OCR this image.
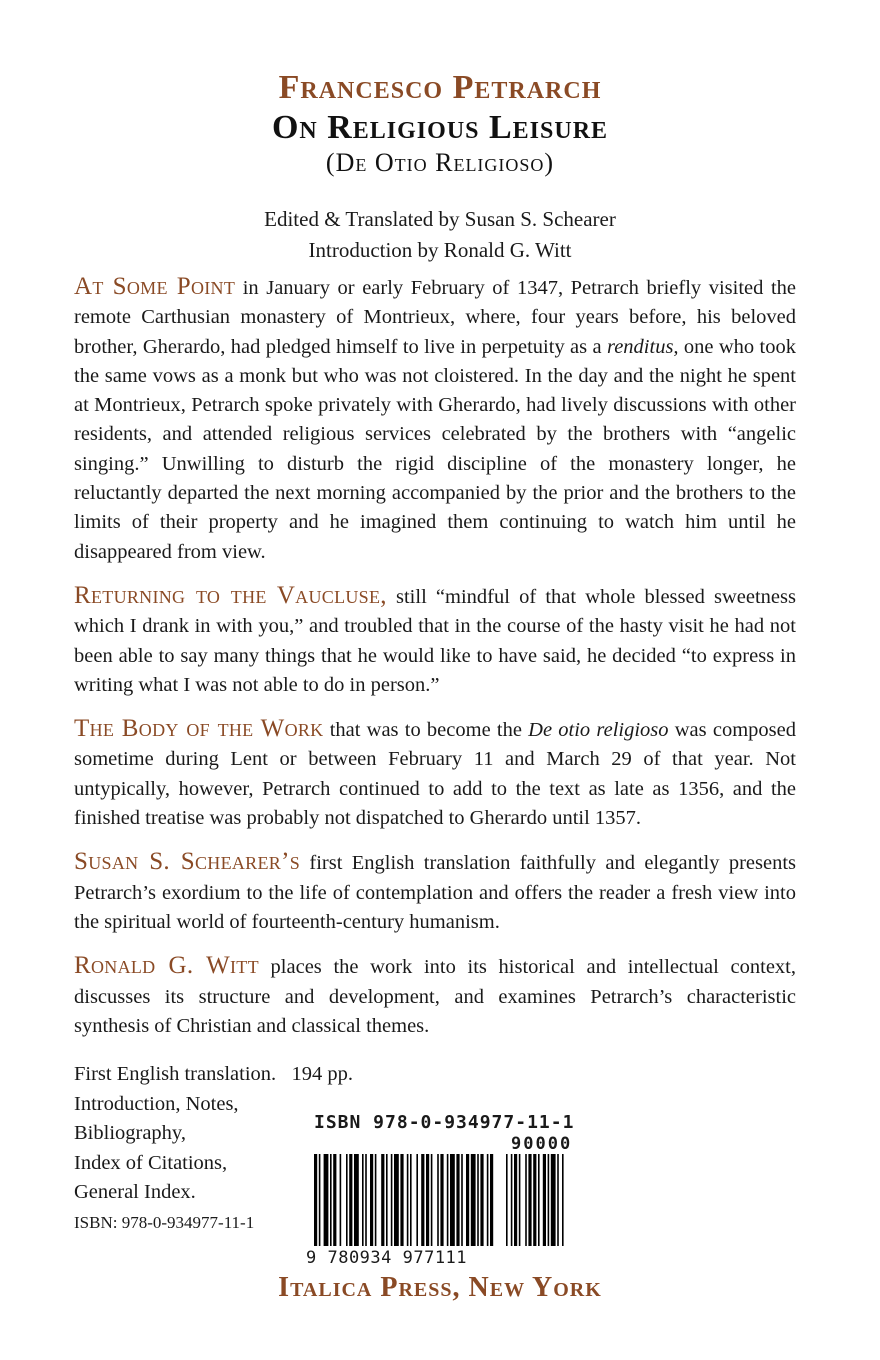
Francesco Petrarch
On Religious Leisure
(De Otio Religioso)
Edited & Translated by Susan S. Schearer
Introduction by Ronald G. Witt

At Some Point in January or early February of 1347, Petrarch briefly visited the remote Carthusian monastery of Montrieux, where, four years before, his beloved brother, Gherardo, had pledged himself to live in perpetuity as a renditus, one who took the same vows as a monk but who was not cloistered. In the day and the night he spent at Montrieux, Petrarch spoke privately with Gherardo, had lively discussions with other residents, and attended religious services celebrated by the brothers with “angelic singing.” Unwilling to disturb the rigid discipline of the monastery longer, he reluctantly departed the next morning accompanied by the prior and the brothers to the limits of their property and he imagined them continuing to watch him until he disappeared from view.

Returning to the Vaucluse, still “mindful of that whole blessed sweetness which I drank in with you,” and troubled that in the course of the hasty visit he had not been able to say many things that he would like to have said, he decided “to express in writing what I was not able to do in person.”

The Body of the Work that was to become the De otio religioso was composed sometime during Lent or between February 11 and March 29 of that year. Not untypically, however, Petrarch continued to add to the text as late as 1356, and the finished treatise was probably not dispatched to Gherardo until 1357.

Susan S. Schearer’s first English translation faithfully and elegantly presents Petrarch’s exordium to the life of contemplation and offers the reader a fresh view into the spiritual world of fourteenth-century humanism.

Ronald G. Witt places the work into its historical and intellectual context, discusses its structure and development, and examines Petrarch’s characteristic synthesis of Christian and classical themes.

First English translation.   194 pp.
Introduction, Notes,
Bibliography,
Index of Citations,
General Index.
ISBN: 978-0-934977-11-1
ISBN 978-0-934977-11-1
90000
9 780934 977111
Italica Press, New York
